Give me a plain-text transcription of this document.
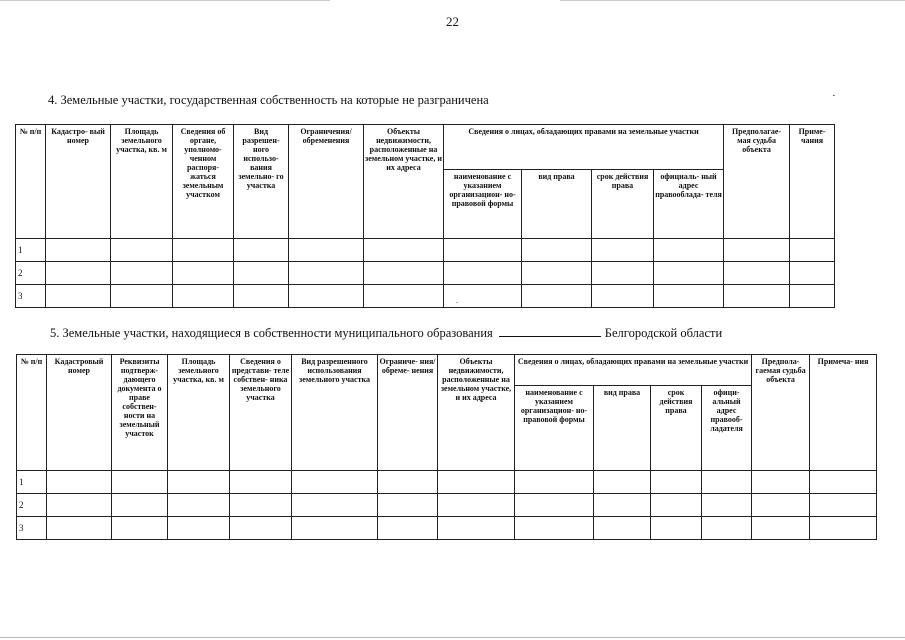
22
·
4. Земельные участки, государственная собственность на которые не разграничена
№ п/п	Кадастро- вый номер	Площадь земельного участка, кв. м	Сведения об органе, уполномо- ченном распоря- жаться земельным участком	Вид разрешен- ного использо- вания земельно- го участка	Ограничения/ обременения	Объекты недвижимости, расположенные на земельном участке, и их адреса	Сведения о лицах, обладающих правами на земельные участки				Предполагае- мая судьба объекта	Приме- чания
							наименование с указанием организацион- но-правовой формы	вид права	срок действия права	официаль- ный адрес правооблада- теля		
1												
2												
3												
5. Земельные участки, находящиеся в собственности муниципального образования	Белгородской области
№ п/п	Кадастровый номер	Реквизиты подтверж- дающего документа о праве собствен- ности на земельный участок	Площадь земельного участка, кв. м	Сведения о представи- теле собствен- ника земельного участка	Вид разрешенного использования земельного участка	Ограниче- ния/обреме- нения	Объекты недвижимости, расположенные на земельном участке, и их адреса	Сведения о лицах, обладающих правами на земельные участки				Предпола- гаемая судьба объекта	Примеча- ния
								наименование с указанием организацион- но-правовой формы	вид права	срок действия права	офици- альный адрес правооб- ладателя		
1													
2													
3													
.
